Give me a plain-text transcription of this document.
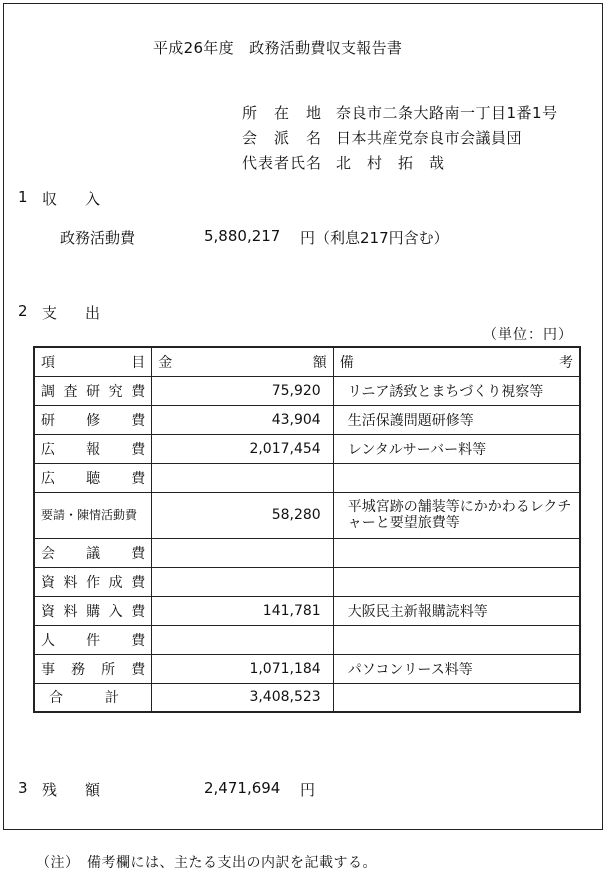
平成26年度　政務活動費収支報告書
所　在　地 奈良市二条大路南一丁目1番1号
会　派　名 日本共産党奈良市会議員団
代表者氏名 北　村　拓　哉
1 収入
政務活動費	5,880,217 円（利息217円含む）
2 支出
（単位：円）
項 目	金 額	備 考

調査研究費	75,920	リニア誘致とまちづくり視察等
研修費	43,904	生活保護問題研修等
広報費	2,017,454	レンタルサーバー料等
広聴費		
要請・陳情活動費	58,280	平城宮跡の舗装等にかかわるレクチャーと要望旅費等
会議費		
資料作成費		
資料購入費	141,781	大阪民主新報購読料等
人件費		
事務所費	1,071,184	パソコンリース料等
合　　　計	3,408,523	
3 残額	2,471,694 円
（注）　備考欄には、主たる支出の内訳を記載する。
